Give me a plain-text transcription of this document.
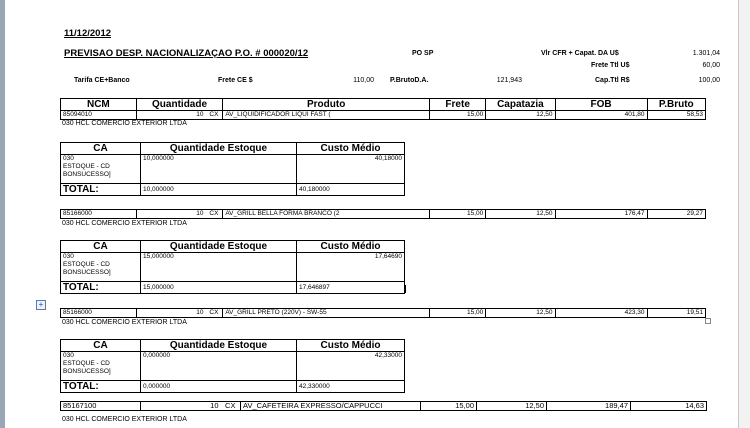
11/12/2012
PREVISAO DESP. NACIONALIZAÇAO P.O. # 000020/12	PO SP	Vlr CFR + Capat. DA U$	1.301,04
Frete Ttl U$	60,00
Tarifa CE+Banco	Frete CE $	110,00 P.BrutoD.A.	121,943	Cap.Ttl R$	100,00
NCM	Quantidade		Produto	Frete	Capatazia	FOB	P.Bruto
85094010	10	CX	AV_LIQUIDIFICADOR LIQUI FAST (	15,00	12,50	401,80	58,53
030 HCL COMERCIO EXTERIOR LTDA
CA	Quantidade Estoque	Custo Médio

030
ESTOQUE - CD
BONSUCESSO]	10,000000	40,18000
TOTAL:	10,000000	40,180000
85166000	10	CX	AV_GRILL BELLA FORMA BRANCO (2	15,00	12,50	176,47	29,27
030 HCL COMERCIO EXTERIOR LTDA
CA	Quantidade Estoque	Custo Médio

030
ESTOQUE - CD
BONSUCESSO]	15,000000	17,64690
TOTAL:	15,000000	17,646897
+
85166000	10	CX	AV_GRILL PRETO (220V) - SW-55	15,00	12,50	423,30	19,51
030 HCL COMERCIO EXTERIOR LTDA
CA	Quantidade Estoque	Custo Médio

030
ESTOQUE - CD
BONSUCESSO]	0,000000	42,33000
TOTAL:	0,000000	42,330000
85167100	10	CX	AV_CAFETEIRA EXPRESSO/CAPPUCCI	15,00	12,50	189,47	14,63
030 HCL COMERCIO EXTERIOR LTDA
